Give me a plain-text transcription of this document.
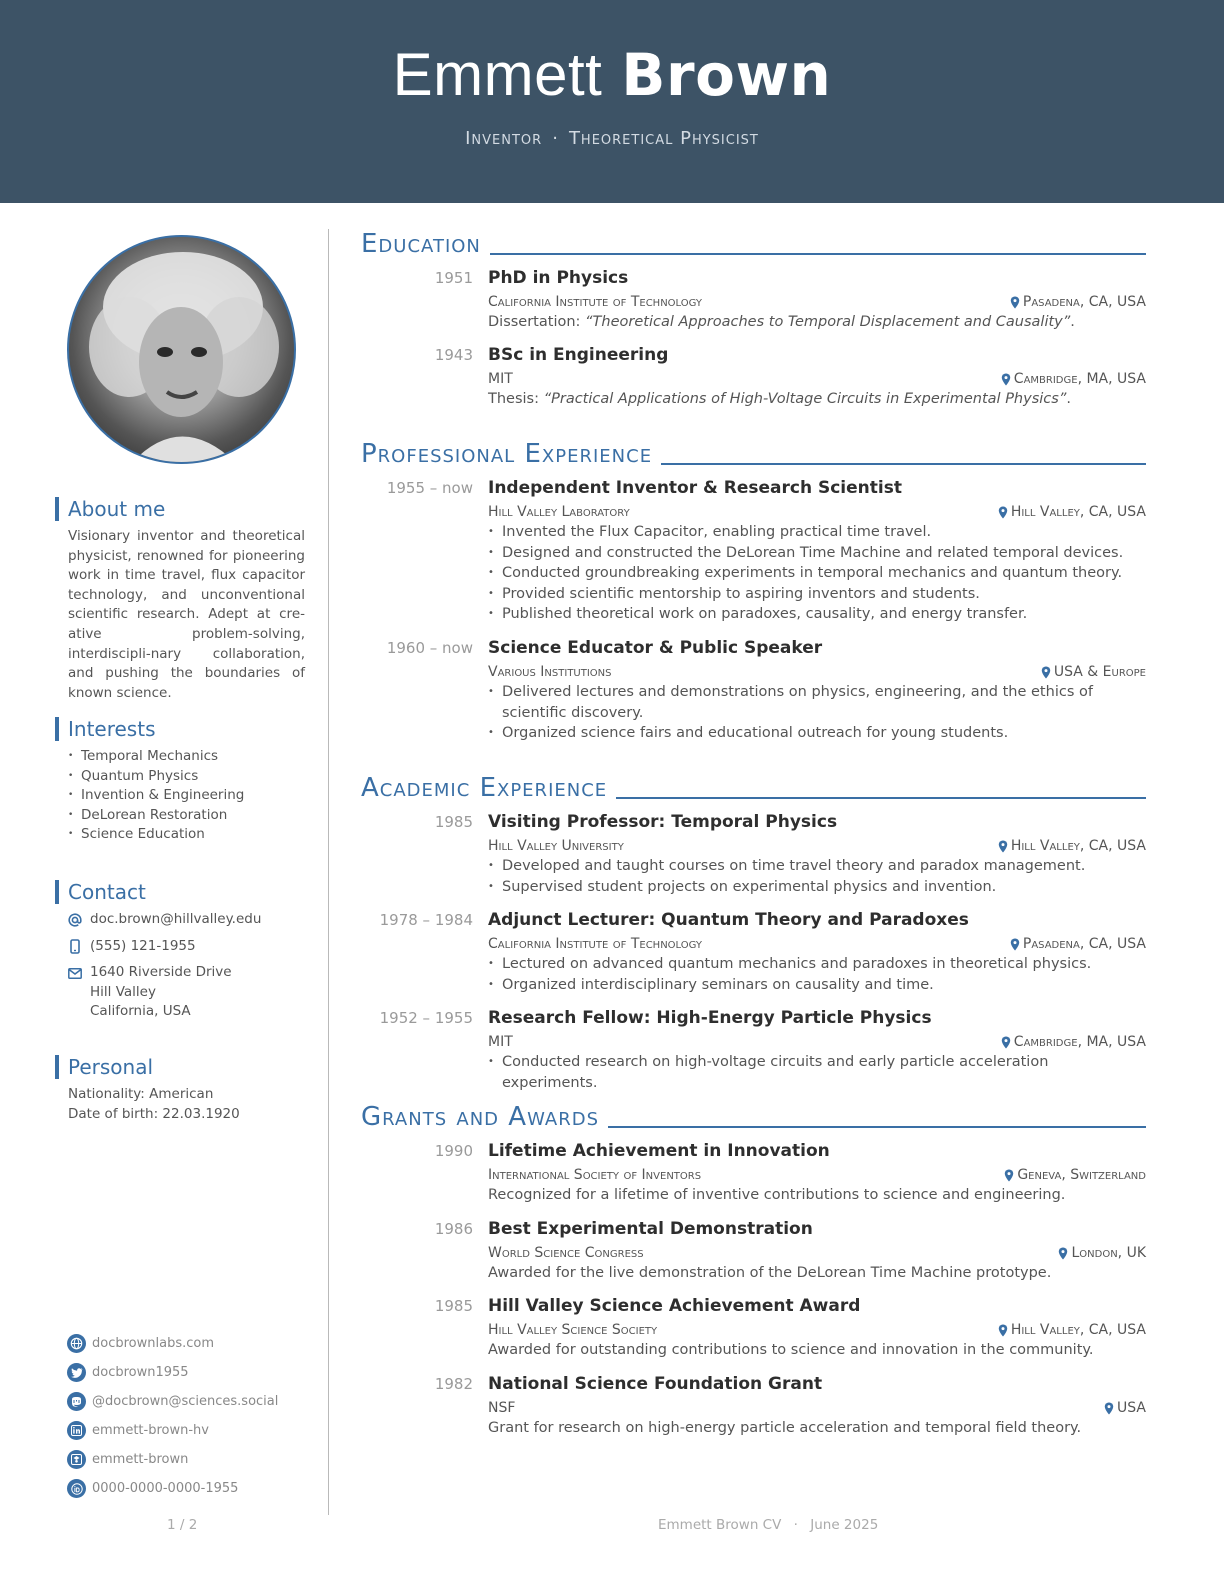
Emmett Brown
Inventor · Theoretical Physicist
About me

Visionary inventor and theoretical physicist, renowned for pioneering work in time travel, flux capacitor technology, and unconventional scientific research. Adept at cre-ative problem-solving, interdiscipli-nary collaboration, and pushing the boundaries of known science.

Interests
• Temporal Mechanics
• Quantum Physics
• Invention & Engineering
• DeLorean Restoration
• Science Education
Contact
doc.brown@hillvalley.edu
(555) 121-1955
1640 Riverside Drive
Hill Valley
California, USA
Personal
Nationality: American
Date of birth: 22.03.1920
docbrownlabs.com
docbrown1955
@docbrown@sciences.social
emmett-brown-hv
emmett-brown
0000-0000-0000-1955
Education
1951 PhD in Physics
California Institute of Technology	Pasadena, CA, USA
Dissertation: “Theoretical Approaches to Temporal Displacement and Causality”.
1943 BSc in Engineering
MIT	Cambridge, MA, USA
Thesis: “Practical Applications of High-Voltage Circuits in Experimental Physics”.
Professional Experience
1955 – now Independent Inventor & Research Scientist
Hill Valley Laboratory	Hill Valley, CA, USA
• Invented the Flux Capacitor, enabling practical time travel.
• Designed and constructed the DeLorean Time Machine and related temporal devices.
• Conducted groundbreaking experiments in temporal mechanics and quantum theory.
• Provided scientific mentorship to aspiring inventors and students.
• Published theoretical work on paradoxes, causality, and energy transfer.
1960 – now Science Educator & Public Speaker
Various Institutions	USA & Europe
• Delivered lectures and demonstrations on physics, engineering, and the ethics of scientific discovery.
• Organized science fairs and educational outreach for young students.
Academic Experience
1985 Visiting Professor: Temporal Physics
Hill Valley University	Hill Valley, CA, USA
• Developed and taught courses on time travel theory and paradox management.
• Supervised student projects on experimental physics and invention.
1978 – 1984 Adjunct Lecturer: Quantum Theory and Paradoxes
California Institute of Technology	Pasadena, CA, USA
• Lectured on advanced quantum mechanics and paradoxes in theoretical physics.
• Organized interdisciplinary seminars on causality and time.
1952 – 1955 Research Fellow: High-Energy Particle Physics
MIT	Cambridge, MA, USA
• Conducted research on high-voltage circuits and early particle acceleration experiments.
Grants and Awards
1990 Lifetime Achievement in Innovation
International Society of Inventors	Geneva, Switzerland
Recognized for a lifetime of inventive contributions to science and engineering.
1986 Best Experimental Demonstration
World Science Congress	London, UK
Awarded for the live demonstration of the DeLorean Time Machine prototype.
1985 Hill Valley Science Achievement Award
Hill Valley Science Society	Hill Valley, CA, USA
Awarded for outstanding contributions to science and innovation in the community.
1982 National Science Foundation Grant
NSF	USA
Grant for research on high-energy particle acceleration and temporal field theory.
1 / 2	Emmett Brown CV · June 2025
